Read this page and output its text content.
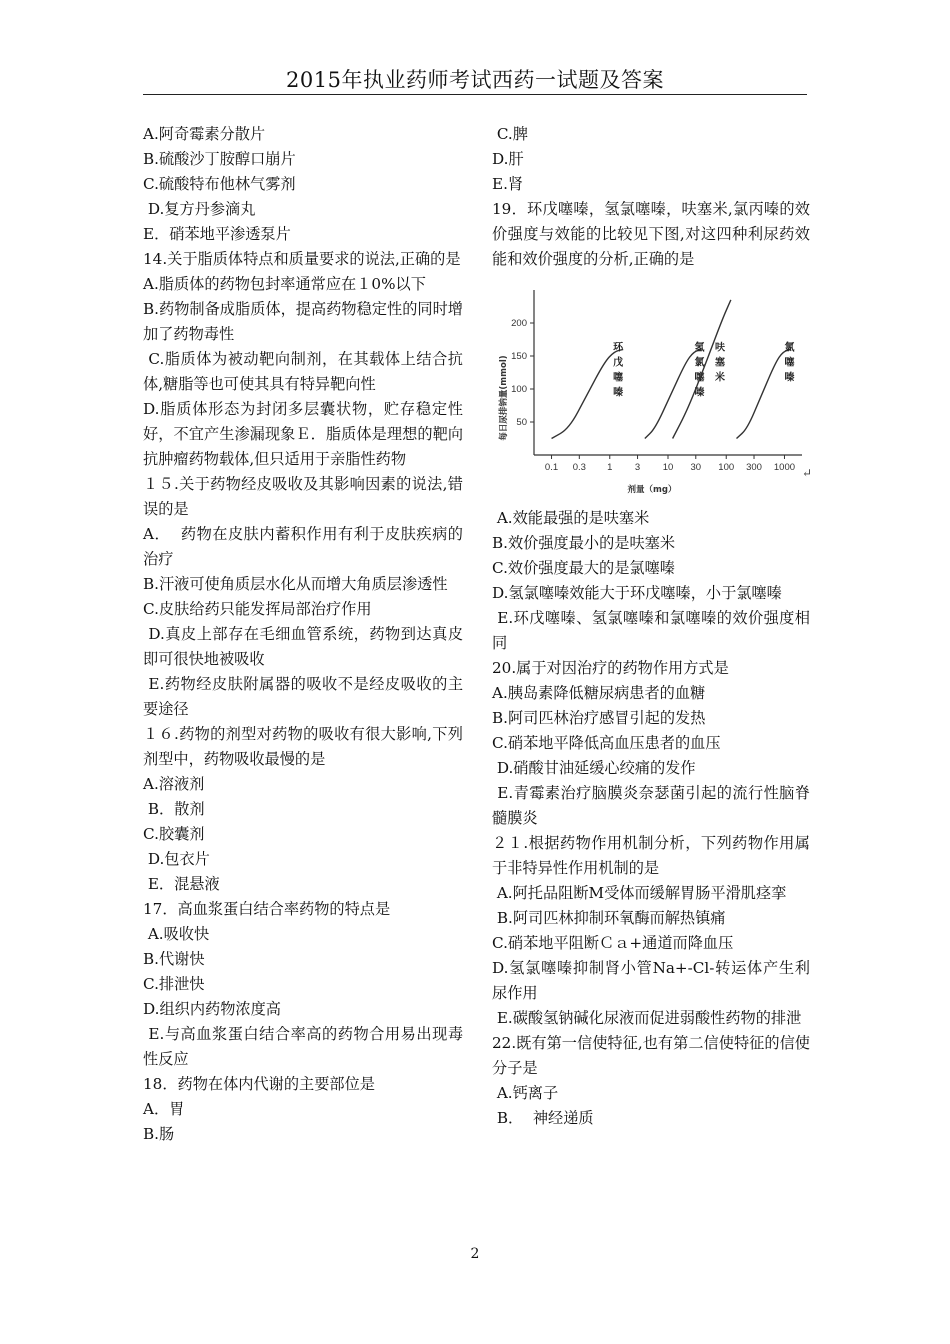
2015年执业药师考试西药一试题及答案

A.阿奇霉素分散片

B.硫酸沙丁胺醇口崩片

C.硫酸特布他林气雾剂

D.复方丹参滴丸

E．硝苯地平渗透泵片

14.关于脂质体特点和质量要求的说法,正确的是

A.脂质体的药物包封率通常应在１0%以下

B.药物制备成脂质体，提高药物稳定性的同时增加了药物毒性

C.脂质体为被动靶向制剂，在其载体上结合抗体,糖脂等也可使其具有特异靶向性

D.脂质体形态为封闭多层囊状物，贮存稳定性好，不宜产生渗漏现象Ｅ．脂质体是理想的靶向抗肿瘤药物载体,但只适用于亲脂性药物

１５.关于药物经皮吸收及其影响因素的说法,错误的是

A．  药物在皮肤内蓄积作用有利于皮肤疾病的治疗

B.汗液可使角质层水化从而增大角质层渗透性

C.皮肤给药只能发挥局部治疗作用

D.真皮上部存在毛细血管系统，药物到达真皮即可很快地被吸收

E.药物经皮肤附属器的吸收不是经皮吸收的主要途径

１６.药物的剂型对药物的吸收有很大影响,下列剂型中，药物吸收最慢的是

A.溶液剂

B．散剂

C.胶囊剂

D.包衣片

E．混悬液

17．高血浆蛋白结合率药物的特点是

A.吸收快

B.代谢快

C.排泄快

D.组织内药物浓度高

E.与高血浆蛋白结合率高的药物合用易出现毒性反应

18．药物在体内代谢的主要部位是

A．胃

B.肠

C.脾

D.肝

E.肾

19．环戊噻嗪，氢氯噻嗪，呋塞米,氯丙嗪的效价强度与效能的比较见下图,对这四种利尿药效能和效价强度的分析,正确的是

50
100
150
200
0.1 0.3 1 3 10 30 100 300 1000
环
戊
噻
嗪
氢
氯
噻
嗪
呋
塞
米
氯
噻
嗪
每日尿排钠量(mmol)
剂量（mg）
↵

A.效能最强的是呋塞米

B.效价强度最小的是呋塞米

C.效价强度最大的是氯噻嗪

D.氢氯噻嗪效能大于环戊噻嗪，小于氯噻嗪

E.环戊噻嗪、氢氯噻嗪和氯噻嗪的效价强度相同

20.属于对因治疗的药物作用方式是

A.胰岛素降低糖尿病患者的血糖

B.阿司匹林治疗感冒引起的发热

C.硝苯地平降低高血压患者的血压

D.硝酸甘油延缓心绞痛的发作

E.青霉素治疗脑膜炎奈瑟菌引起的流行性脑脊髓膜炎

２１.根据药物作用机制分析，下列药物作用属于非特异性作用机制的是

A.阿托品阻断M受体而缓解胃肠平滑肌痉挛

B.阿司匹林抑制环氧酶而解热镇痛

C.硝苯地平阻断Ｃａ+通道而降血压

D.氢氯噻嗪抑制肾小管Na+-Cl-转运体产生利尿作用

E.碳酸氢钠碱化尿液而促进弱酸性药物的排泄

22.既有第一信使特征,也有第二信使特征的信使分子是

A.钙离子

B．  神经递质

2
